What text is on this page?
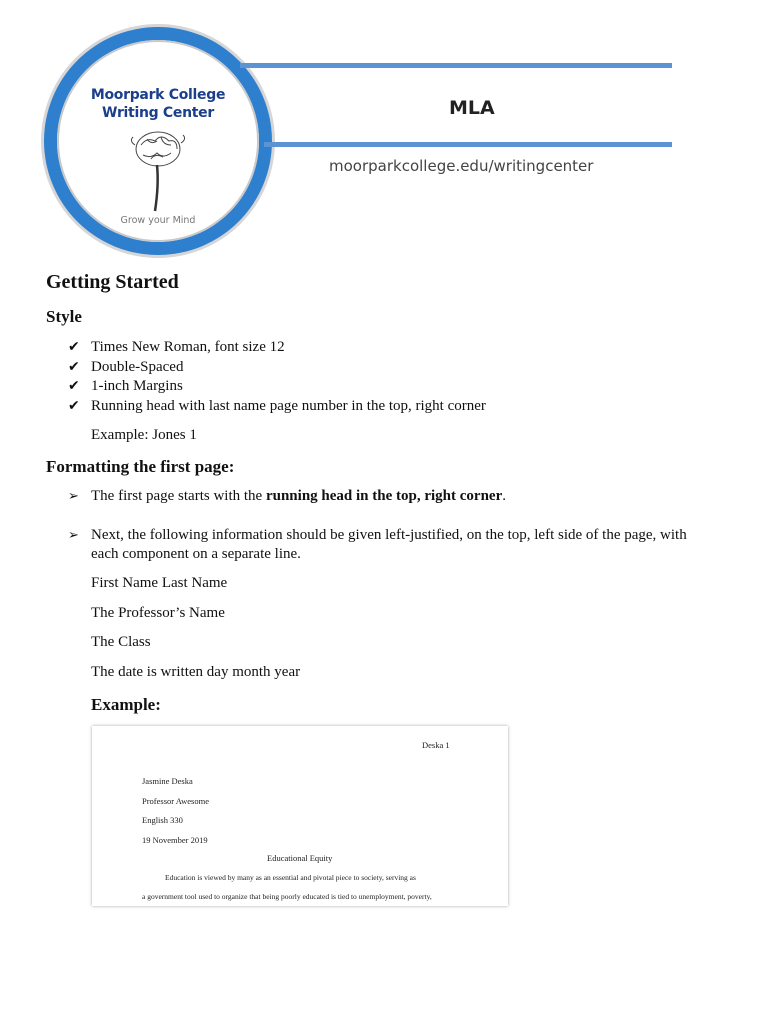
Moorpark College
Writing Center
Grow your Mind
MLA
moorparkcollege.edu/writingcenter
Getting Started
Style
✔ Times New Roman, font size 12
✔ Double-Spaced
✔ 1-inch Margins
✔ Running head with last name page number in the top, right corner
Example: Jones 1
Formatting the first page:
➢ The first page starts with the running head in the top, right corner.
➢ Next, the following information should be given left-justified, on the top, left side of the page, with
each component on a separate line.
First Name Last Name
The Professor’s Name
The Class
The date is written day month year
Example:
Deska 1
Jasmine Deska
Professor Awesome
English 330
19 November 2019
Educational Equity
Education is viewed by many as an essential and pivotal piece to society, serving as
a government tool used to organize that being poorly educated is tied to unemployment, poverty,
